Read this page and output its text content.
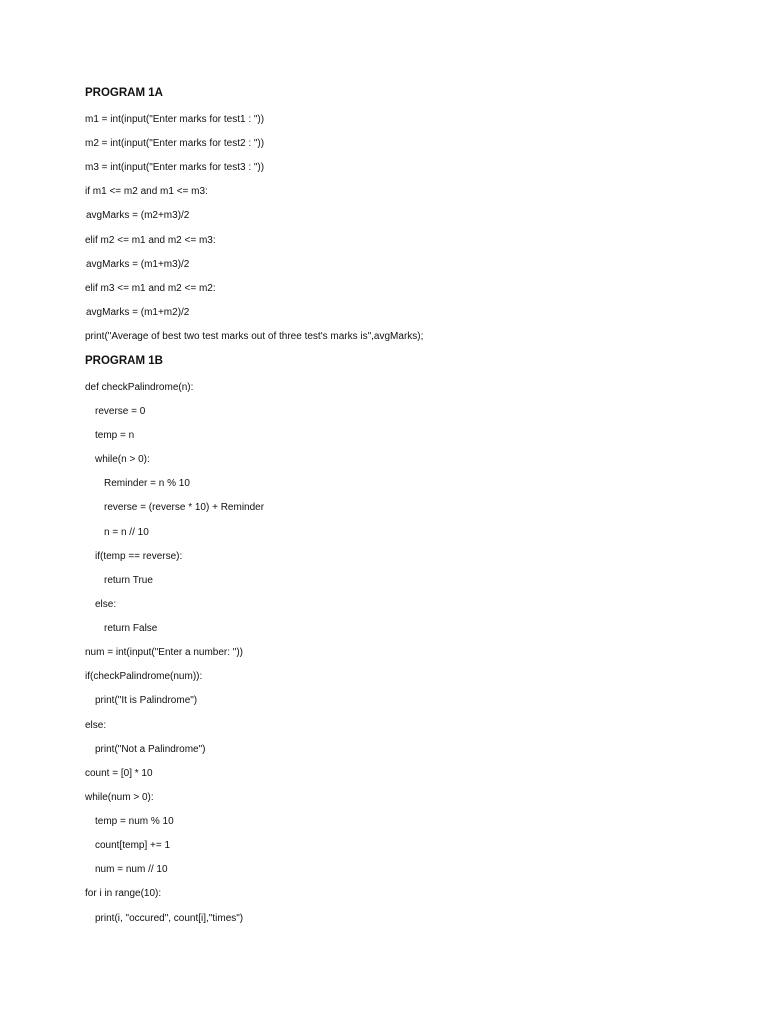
PROGRAM 1A
m1 = int(input("Enter marks for test1 : "))
m2 = int(input("Enter marks for test2 : "))
m3 = int(input("Enter marks for test3 : "))
if m1 <= m2 and m1 <= m3:
avgMarks = (m2+m3)/2
elif m2 <= m1 and m2 <= m3:
avgMarks = (m1+m3)/2
elif m3 <= m1 and m2 <= m2:
avgMarks = (m1+m2)/2
print("Average of best two test marks out of three test's marks is",avgMarks);
PROGRAM 1B
def checkPalindrome(n):
reverse = 0
temp = n
while(n > 0):
Reminder = n % 10
reverse = (reverse * 10) + Reminder
n = n // 10
if(temp == reverse):
return True
else:
return False
num = int(input("Enter a number: "))
if(checkPalindrome(num)):
print("It is Palindrome")
else:
print("Not a Palindrome")
count = [0] * 10
while(num > 0):
temp = num % 10
count[temp] += 1
num = num // 10
for i in range(10):
print(i, "occured", count[i],"times")
